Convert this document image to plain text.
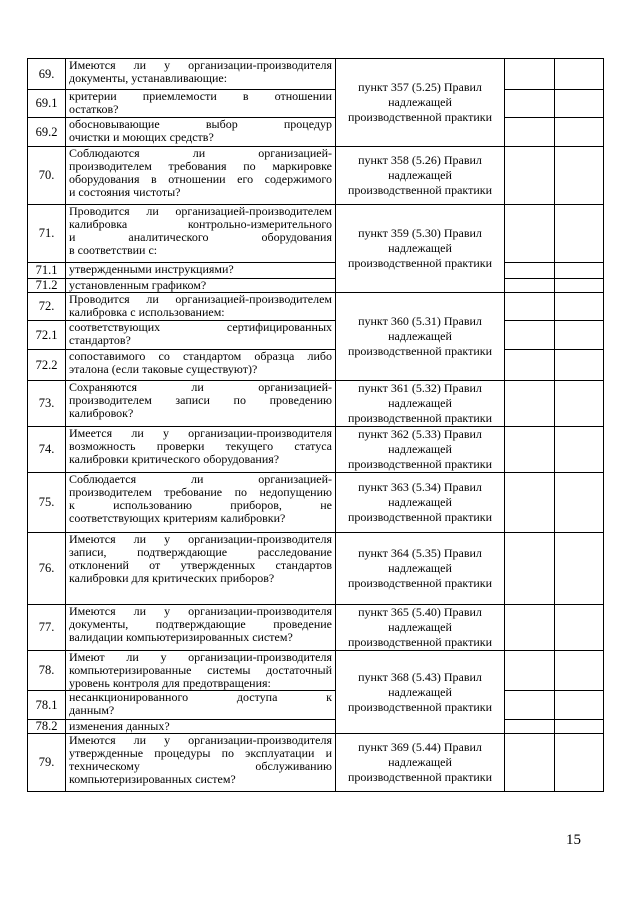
69.	Имеются ли у организации-производителя
документы, устанавливающие:	пункт 357 (5.25) Правил надлежащей производственной практики		
69.1	критерии приемлемости в отношении
остатков?			

69.2	обосновывающие выбор процедур
очистки и моющих средств?			

70.	Соблюдаются ли организацией-
производителем требования по маркировке
оборудования в отношении его содержимого
и состояния чистоты?	пункт 358 (5.26) Правил надлежащей производственной практики		
71.	Проводится ли организацией-производителем
калибровка контрольно-измерительного
и аналитического оборудования
в соответствии с:	пункт 359 (5.30) Правил надлежащей производственной практики		
71.1	утвержденными инструкциями?			

71.2	установленным графиком?			

72.	Проводится ли организацией-производителем
калибровка с использованием:	пункт 360 (5.31) Правил надлежащей производственной практики		
72.1	соответствующих сертифицированных
стандартов?			

72.2	сопоставимого со стандартом образца либо
эталона (если таковые существуют)?			

73.	Сохраняются ли организацией-
производителем записи по проведению
калибровок?	пункт 361 (5.32) Правил надлежащей производственной практики		
74.	Имеется ли у организации-производителя
возможность проверки текущего статуса
калибровки критического оборудования?	пункт 362 (5.33) Правил надлежащей производственной практики		
75.	Соблюдается ли организацией-
производителем требование по недопущению
к использованию приборов, не
соответствующих критериям калибровки?	пункт 363 (5.34) Правил надлежащей производственной практики		
76.	Имеются ли у организации-производителя
записи, подтверждающие расследование
отклонений от утвержденных стандартов
калибровки для критических приборов?	пункт 364 (5.35) Правил надлежащей производственной практики		
77.	Имеются ли у организации-производителя
документы, подтверждающие проведение
валидации компьютеризированных систем?	пункт 365 (5.40) Правил надлежащей производственной практики		
78.	Имеют ли у организации-производителя
компьютеризированные системы достаточный
уровень контроля для предотвращения:	пункт 368 (5.43) Правил надлежащей производственной практики		
78.1	несанкционированного доступа к
данным?			

78.2	изменения данных?			

79.	Имеются ли у организации-производителя
утвержденные процедуры по эксплуатации и
техническому обслуживанию
компьютеризированных систем?	пункт 369 (5.44) Правил надлежащей производственной практики		
15
